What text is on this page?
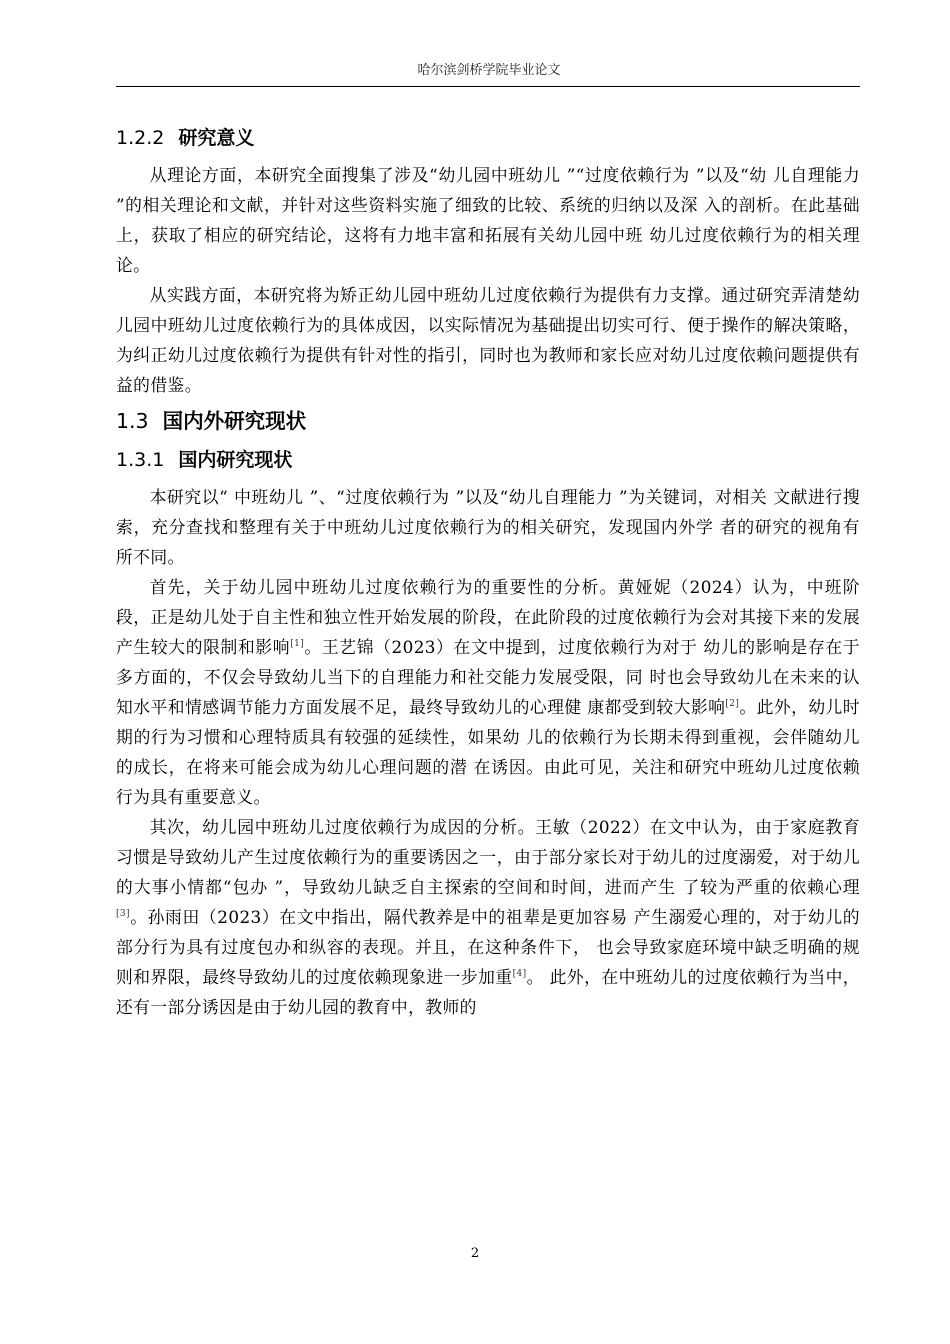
哈尔滨剑桥学院毕业论文
1.2.2 研究意义

从理论方面，本研究全面搜集了涉及“幼儿园中班幼儿 ”“过度依赖行为 ”以及“幼 儿自理能力 ”的相关理论和文献，并针对这些资料实施了细致的比较、系统的归纳以及深 入的剖析。在此基础上，获取了相应的研究结论，这将有力地丰富和拓展有关幼儿园中班 幼儿过度依赖行为的相关理论。

从实践方面，本研究将为矫正幼儿园中班幼儿过度依赖行为提供有力支撑。通过研究弄清楚幼儿园中班幼儿过度依赖行为的具体成因，以实际情况为基础提出切实可行、便于操作的解决策略，为纠正幼儿过度依赖行为提供有针对性的指引，同时也为教师和家长应对幼儿过度依赖问题提供有益的借鉴。

1.3 国内外研究现状
1.3.1 国内研究现状

本研究以“ 中班幼儿 ”、“过度依赖行为 ”以及“幼儿自理能力 ”为关键词，对相关 文献进行搜索，充分查找和整理有关于中班幼儿过度依赖行为的相关研究，发现国内外学 者的研究的视角有所不同。

首先，关于幼儿园中班幼儿过度依赖行为的重要性的分析。黄娅妮（2024）认为，中班阶段，正是幼儿处于自主性和独立性开始发展的阶段，在此阶段的过度依赖行为会对其接下来的发展产生较大的限制和影响[1]。王艺锦（2023）在文中提到，过度依赖行为对于 幼儿的影响是存在于多方面的，不仅会导致幼儿当下的自理能力和社交能力发展受限，同 时也会导致幼儿在未来的认知水平和情感调节能力方面发展不足，最终导致幼儿的心理健 康都受到较大影响[2]。此外，幼儿时期的行为习惯和心理特质具有较强的延续性，如果幼 儿的依赖行为长期未得到重视，会伴随幼儿的成长，在将来可能会成为幼儿心理问题的潜 在诱因。由此可见，关注和研究中班幼儿过度依赖行为具有重要意义。

其次，幼儿园中班幼儿过度依赖行为成因的分析。王敏（2022）在文中认为，由于家庭教育习惯是导致幼儿产生过度依赖行为的重要诱因之一，由于部分家长对于幼儿的过度溺爱，对于幼儿的大事小情都“包办 ”，导致幼儿缺乏自主探索的空间和时间，进而产生 了较为严重的依赖心理[3]。孙雨田（2023）在文中指出，隔代教养是中的祖辈是更加容易 产生溺爱心理的，对于幼儿的部分行为具有过度包办和纵容的表现。并且，在这种条件下， 也会导致家庭环境中缺乏明确的规则和界限，最终导致幼儿的过度依赖现象进一步加重[4]。 此外，在中班幼儿的过度依赖行为当中，还有一部分诱因是由于幼儿园的教育中，教师的

2
